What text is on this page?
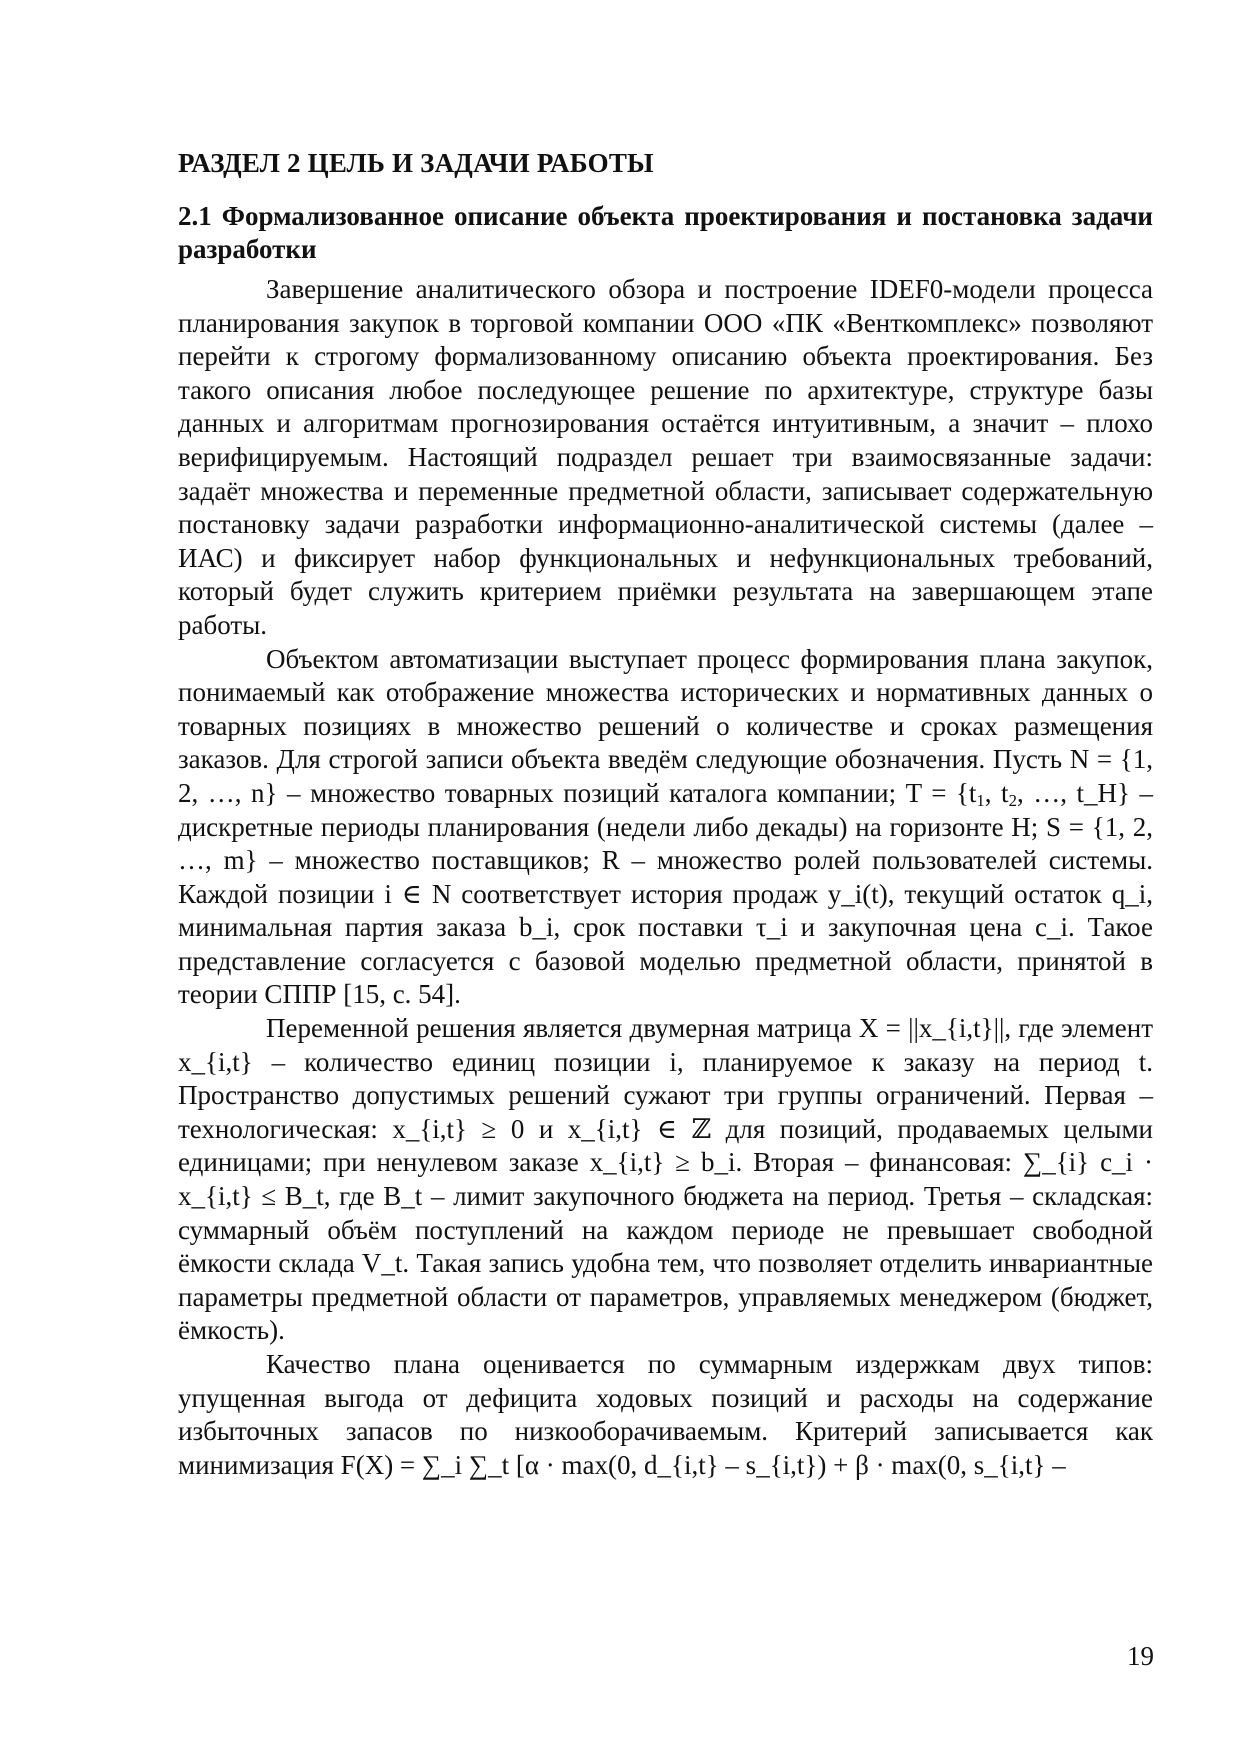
РАЗДЕЛ 2 ЦЕЛЬ И ЗАДАЧИ РАБОТЫ
2.1 Формализованное описание объекта проектирования и постановка задачи разработки

Завершение аналитического обзора и построение IDEF0-модели процесса планирования закупок в торговой компании ООО «ПК «Венткомплекс» позволяют перейти к строгому формализованному описанию объекта проектирования. Без такого описания любое последующее решение по архитектуре, структуре базы данных и алгоритмам прогнозирования остаётся интуитивным, а значит – плохо верифицируемым. Настоящий подраздел решает три взаимосвязанные задачи: задаёт множества и переменные предметной области, записывает содержательную постановку задачи разработки информационно-аналитической системы (далее – ИАС) и фиксирует набор функциональных и нефункциональных требований, который будет служить критерием приёмки результата на завершающем этапе работы.

Объектом автоматизации выступает процесс формирования плана закупок, понимаемый как отображение множества исторических и нормативных данных о товарных позициях в множество решений о количестве и сроках размещения заказов. Для строгой записи объекта введём следующие обозначения. Пусть N = {1, 2, …, n} – множество товарных позиций каталога компании; $T = \{t_1$, $t_2$, …, t_H} – дискретные периоды планирования (недели либо декады) на горизонте H; S = {1, 2, …, m} – множество поставщиков; R – множество ролей пользователей системы. Каждой позиции i ∈ N соответствует история продаж y_i(t), текущий остаток q_i, минимальная партия заказа b_i, срок поставки τ_i и закупочная цена c_i. Такое представление согласуется с базовой моделью предметной области, принятой в теории СППР [15, с. 54].

Переменной решения является двумерная матрица X = ||x_{i,t}||, где элемент x_{i,t} – количество единиц позиции i, планируемое к заказу на период t. Пространство допустимых решений сужают три группы ограничений. Первая – технологическая: x_{i,t} ≥ 0 и x_{i,t} ∈ ℤ для позиций, продаваемых целыми единицами; при ненулевом заказе x_{i,t} ≥ b_i. Вторая – финансовая: ∑_{i} c_i · x_{i,t} ≤ B_t, где B_t – лимит закупочного бюджета на период. Третья – складская: суммарный объём поступлений на каждом периоде не превышает свободной ёмкости склада V_t. Такая запись удобна тем, что позволяет отделить инвариантные параметры предметной области от параметров, управляемых менеджером (бюджет, ёмкость).

Качество плана оценивается по суммарным издержкам двух типов: упущенная выгода от дефицита ходовых позиций и расходы на содержание избыточных запасов по низкооборачиваемым. Критерий записывается как минимизация F(X) = ∑_i ∑_t [α · max(0, d_{i,t} – s_{i,t}) + β · max(0, s_{i,t} –

19
